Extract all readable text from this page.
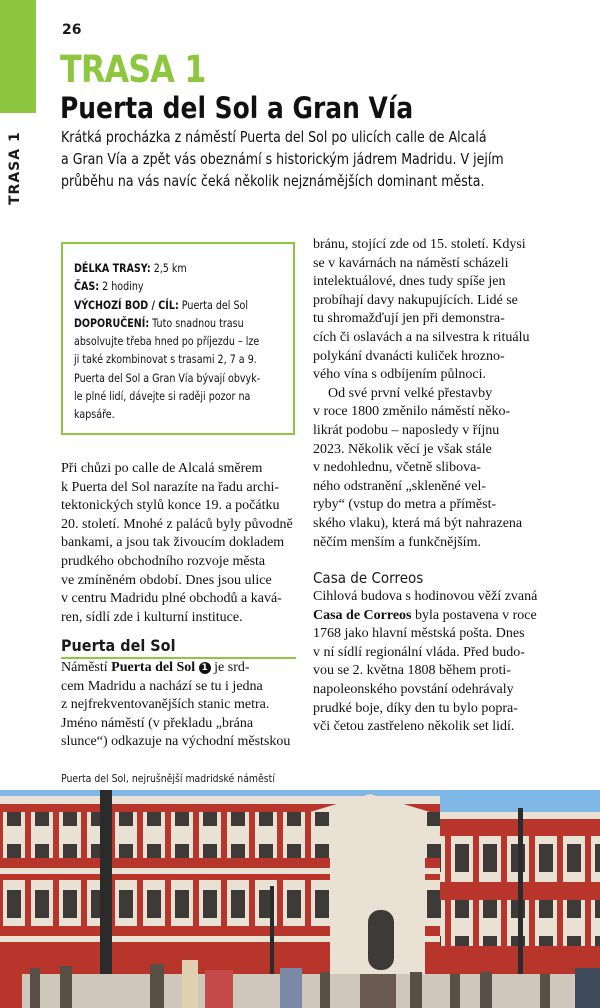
TRASA 1
26
TRASA 1
Puerta del Sol a Gran Vía

Krátká procházka z náměstí Puerta del Sol po ulicích calle de Alcalá

a Gran Vía a zpět vás obeznámí s historickým jádrem Madridu. V jejím

průběhu na vás navíc čeká několik nejznámějších dominant města.

DÉLKA TRASY: 2,5 km

ČAS: 2 hodiny

VÝCHOZÍ BOD / CÍL: Puerta del Sol

DOPORUČENÍ: Tuto snadnou trasu

absolvujte třeba hned po příjezdu – lze

ji také zkombinovat s trasami 2, 7 a 9.

Puerta del Sol a Gran Vía bývají obvyk-

le plné lidí, dávejte si raději pozor na

kapsáře.

Při chůzi po calle de Alcalá směrem

k Puerta del Sol narazíte na řadu archi-

tektonických stylů konce 19. a počátku

20. století. Mnohé z paláců byly původně

bankami, a jsou tak živoucím dokladem

prudkého obchodního rozvoje města

ve zmíněném období. Dnes jsou ulice

v centru Madridu plné obchodů a kavá-

ren, sídlí zde i kulturní instituce.

Puerta del Sol

Náměstí Puerta del Sol 1 je srd-

cem Madridu a nachází se tu i jedna

z nejfrekventovanějších stanic metra.

Jméno náměstí (v překladu „brána

slunce“) odkazuje na východní městskou

bránu, stojící zde od 15. století. Kdysi

se v kavárnách na náměstí scházeli

intelektuálové, dnes tudy spíše jen

probíhají davy nakupujících. Lidé se

tu shromažďují jen při demonstra-

cích či oslavách a na silvestra k rituálu

polykání dvanácti kuliček hrozno-

vého vína s odbíjením půlnoci.

Od své první velké přestavby

v roce 1800 změnilo náměstí něko-

likrát podobu – naposledy v říjnu

2023. Několik věcí je však stále

v nedohlednu, včetně slibova-

ného odstranění „skleněné vel-

ryby“ (vstup do metra a příměst-

ského vlaku), která má být nahrazena

něčím menším a funkčnějším.

Casa de Correos

Cihlová budova s hodinovou věží zvaná

Casa de Correos byla postavena v roce

1768 jako hlavní městská pošta. Dnes

v ní sídlí regionální vláda. Před budo-

vou se 2. května 1808 během proti-

napoleonského povstání odehrávaly

prudké boje, díky den tu bylo popra-

vči četou zastřeleno několik set lidí.

Puerta del Sol, nejrušnější madridské náměstí
